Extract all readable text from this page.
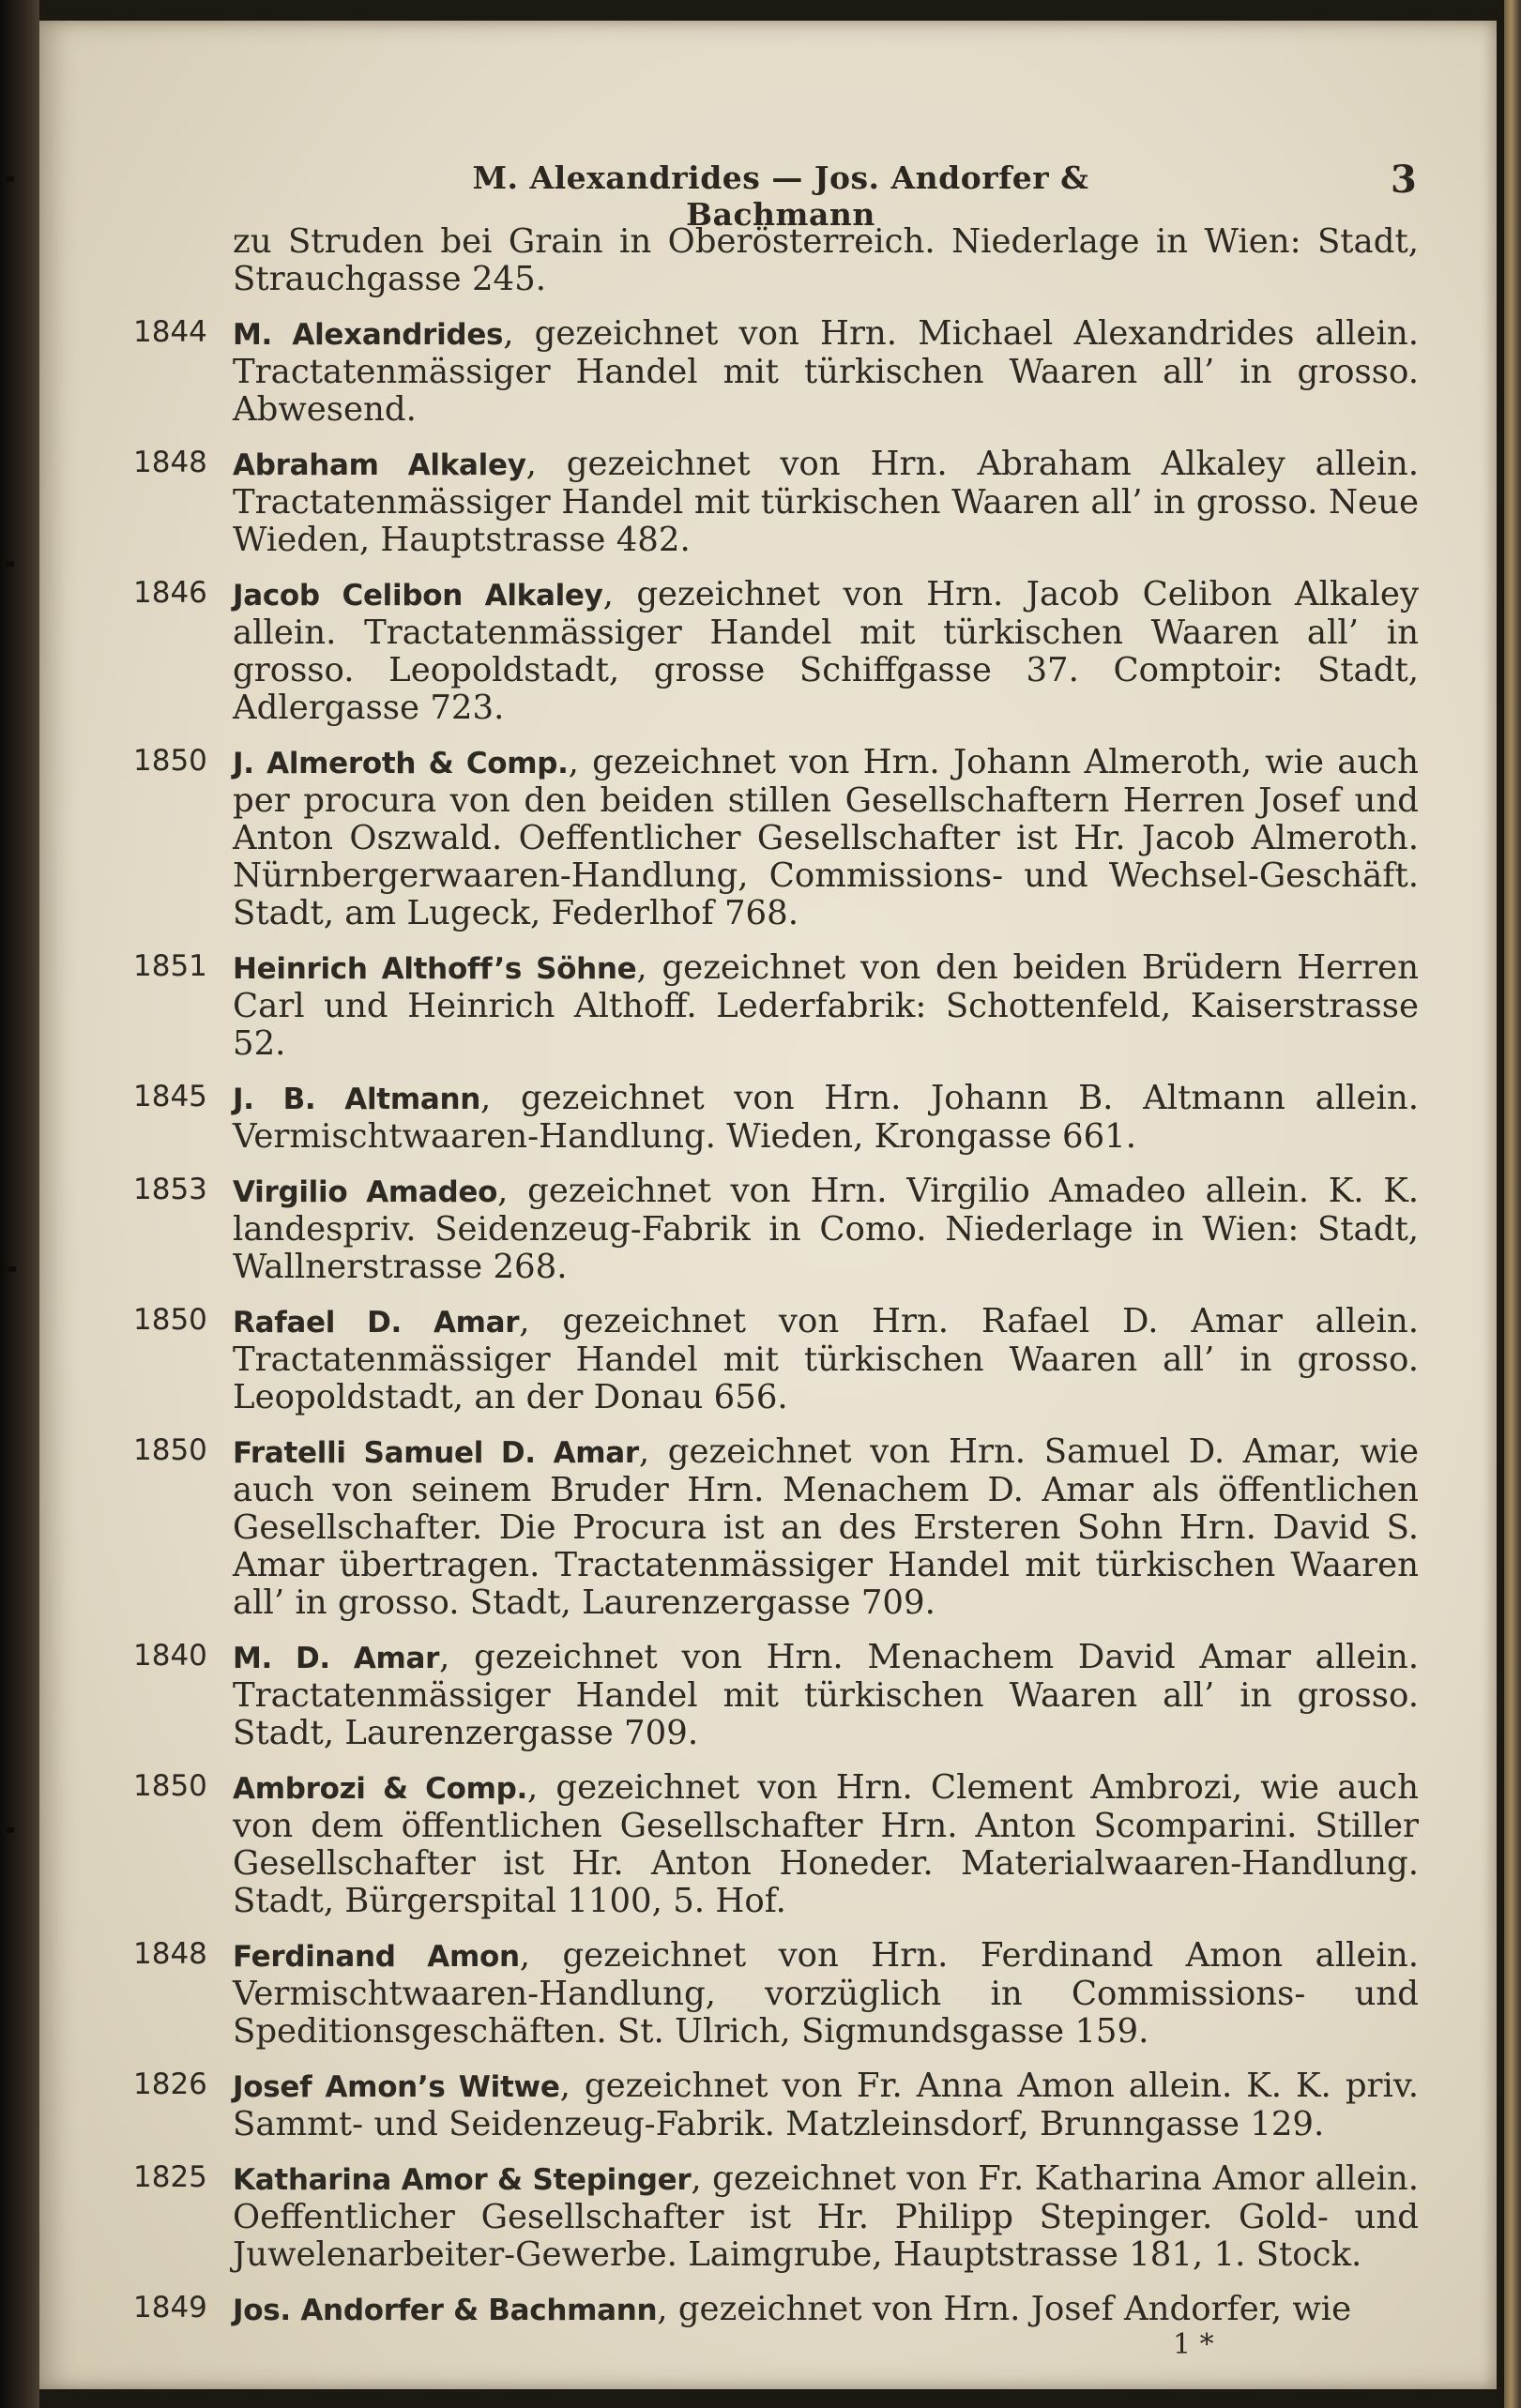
M. Alexandrides — Jos. Andorfer & Bachmann
3
zu Struden bei Grain in Oberösterreich. Niederlage in Wien: Stadt, Strauchgasse 245.
1844 M. Alexandrides, gezeichnet von Hrn. Michael Alexandrides allein. Tractatenmässiger Handel mit türkischen Waaren all’ in grosso. Abwesend.
1848 Abraham Alkaley, gezeichnet von Hrn. Abraham Alkaley allein. Tractatenmässiger Handel mit türkischen Waaren all’ in grosso. Neue Wieden, Hauptstrasse 482.
1846 Jacob Celibon Alkaley, gezeichnet von Hrn. Jacob Celibon Alkaley allein. Tractatenmässiger Handel mit türkischen Waaren all’ in grosso. Leopoldstadt, grosse Schiffgasse 37. Comptoir: Stadt, Adlergasse 723.
1850 J. Almeroth & Comp., gezeichnet von Hrn. Johann Almeroth, wie auch per procura von den beiden stillen Gesellschaftern Herren Josef und Anton Oszwald. Oeffentlicher Gesellschafter ist Hr. Jacob Almeroth. Nürnbergerwaaren-Handlung, Commissions- und Wechsel-Geschäft. Stadt, am Lugeck, Federlhof 768.
1851 Heinrich Althoff’s Söhne, gezeichnet von den beiden Brüdern Herren Carl und Heinrich Althoff. Lederfabrik: Schottenfeld, Kaiserstrasse 52.
1845 J. B. Altmann, gezeichnet von Hrn. Johann B. Altmann allein. Vermischtwaaren-Handlung. Wieden, Krongasse 661.
1853 Virgilio Amadeo, gezeichnet von Hrn. Virgilio Amadeo allein. K. K. landespriv. Seidenzeug-Fabrik in Como. Niederlage in Wien: Stadt, Wallnerstrasse 268.
1850 Rafael D. Amar, gezeichnet von Hrn. Rafael D. Amar allein. Tractatenmässiger Handel mit türkischen Waaren all’ in grosso. Leopoldstadt, an der Donau 656.
1850 Fratelli Samuel D. Amar, gezeichnet von Hrn. Samuel D. Amar, wie auch von seinem Bruder Hrn. Menachem D. Amar als öffentlichen Gesellschafter. Die Procura ist an des Ersteren Sohn Hrn. David S. Amar übertragen. Tractatenmässiger Handel mit türkischen Waaren all’ in grosso. Stadt, Laurenzergasse 709.
1840 M. D. Amar, gezeichnet von Hrn. Menachem David Amar allein. Tractatenmässiger Handel mit türkischen Waaren all’ in grosso. Stadt, Laurenzergasse 709.
1850 Ambrozi & Comp., gezeichnet von Hrn. Clement Ambrozi, wie auch von dem öffentlichen Gesellschafter Hrn. Anton Scomparini. Stiller Gesellschafter ist Hr. Anton Honeder. Materialwaaren-Handlung. Stadt, Bürgerspital 1100, 5. Hof.
1848 Ferdinand Amon, gezeichnet von Hrn. Ferdinand Amon allein. Vermischtwaaren-Handlung, vorzüglich in Commissions- und Speditionsgeschäften. St. Ulrich, Sigmundsgasse 159.
1826 Josef Amon’s Witwe, gezeichnet von Fr. Anna Amon allein. K. K. priv. Sammt- und Seidenzeug-Fabrik. Matzleinsdorf, Brunngasse 129.
1825 Katharina Amor & Stepinger, gezeichnet von Fr. Katharina Amor allein. Oeffentlicher Gesellschafter ist Hr. Philipp Stepinger. Gold- und Juwelenarbeiter-Gewerbe. Laimgrube, Hauptstrasse 181, 1. Stock.
1849 Jos. Andorfer & Bachmann, gezeichnet von Hrn. Josef Andorfer, wie
1 *
